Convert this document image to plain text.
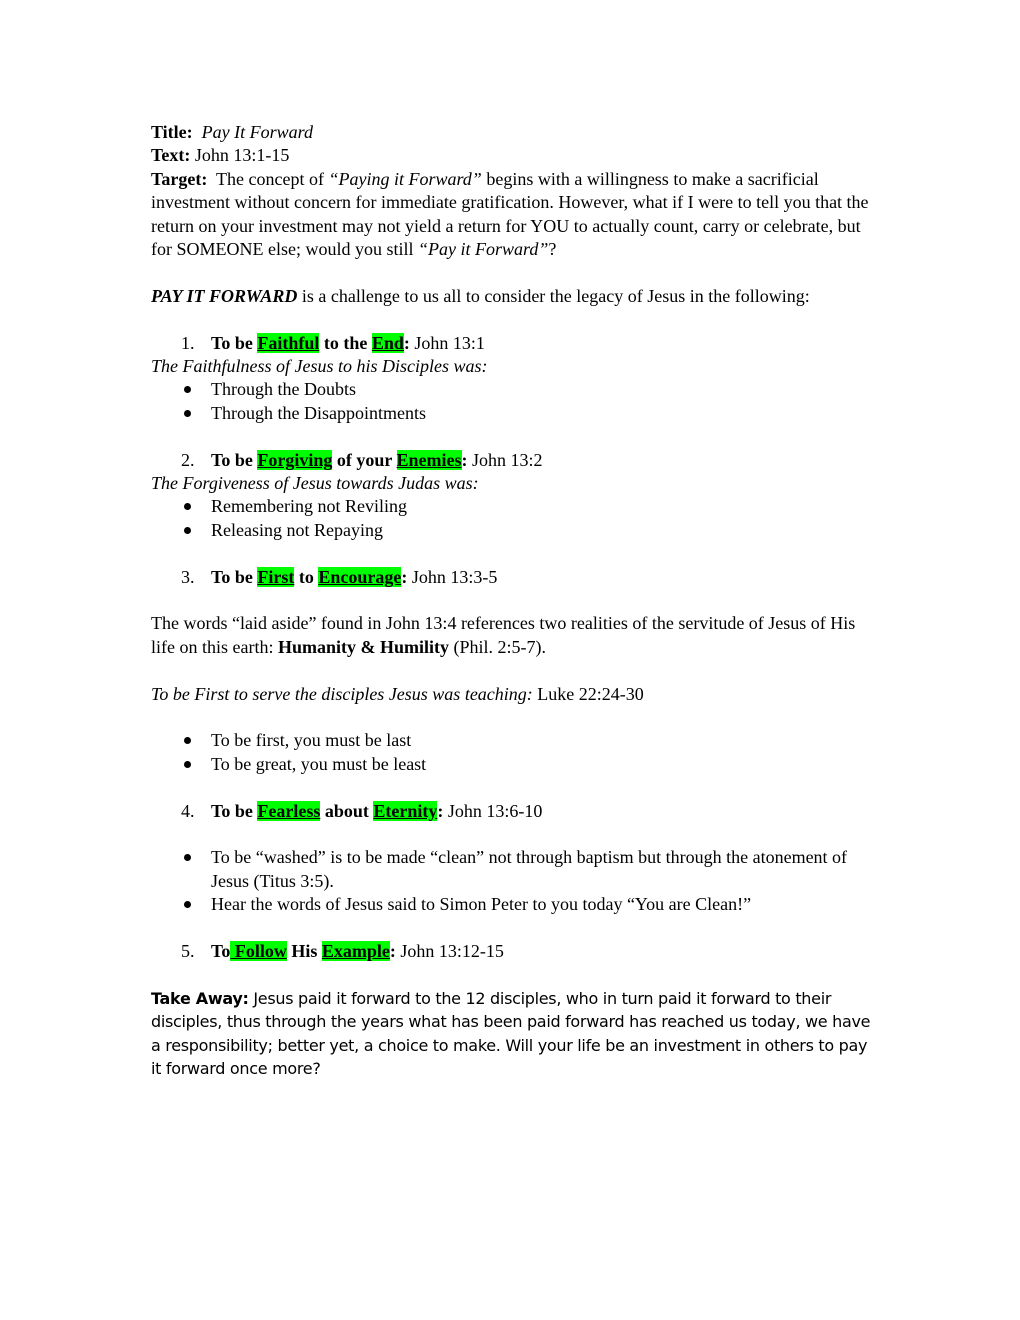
Title: Pay It Forward

Text: John 13:1-15

Target: The concept of “Paying it Forward” begins with a willingness to make a sacrificial investment without concern for immediate gratification. However, what if I were to tell you that the return on your investment may not yield a return for YOU to actually count, carry or celebrate, but for SOMEONE else; would you still “Pay it Forward”?

PAY IT FORWARD is a challenge to us all to consider the legacy of Jesus in the following:

1. To be Faithful to the End: John 13:1

The Faithfulness of Jesus to his Disciples was:

Through the Doubts
Through the Disappointments
2. To be Forgiving of your Enemies: John 13:2

The Forgiveness of Jesus towards Judas was:

Remembering not Reviling
Releasing not Repaying
3. To be First to Encourage: John 13:3-5

The words “laid aside” found in John 13:4 references two realities of the servitude of Jesus of His life on this earth: Humanity & Humility (Phil. 2:5-7).

To be First to serve the disciples Jesus was teaching: Luke 22:24-30

To be first, you must be last
To be great, you must be least
4. To be Fearless about Eternity: John 13:6-10
To be “washed” is to be made “clean” not through baptism but through the atonement of Jesus (Titus 3:5).
Hear the words of Jesus said to Simon Peter to you today “You are Clean!”
5. To Follow His Example: John 13:12-15

Take Away: Jesus paid it forward to the 12 disciples, who in turn paid it forward to their disciples, thus through the years what has been paid forward has reached us today, we have a responsibility; better yet, a choice to make. Will your life be an investment in others to pay it forward once more?
